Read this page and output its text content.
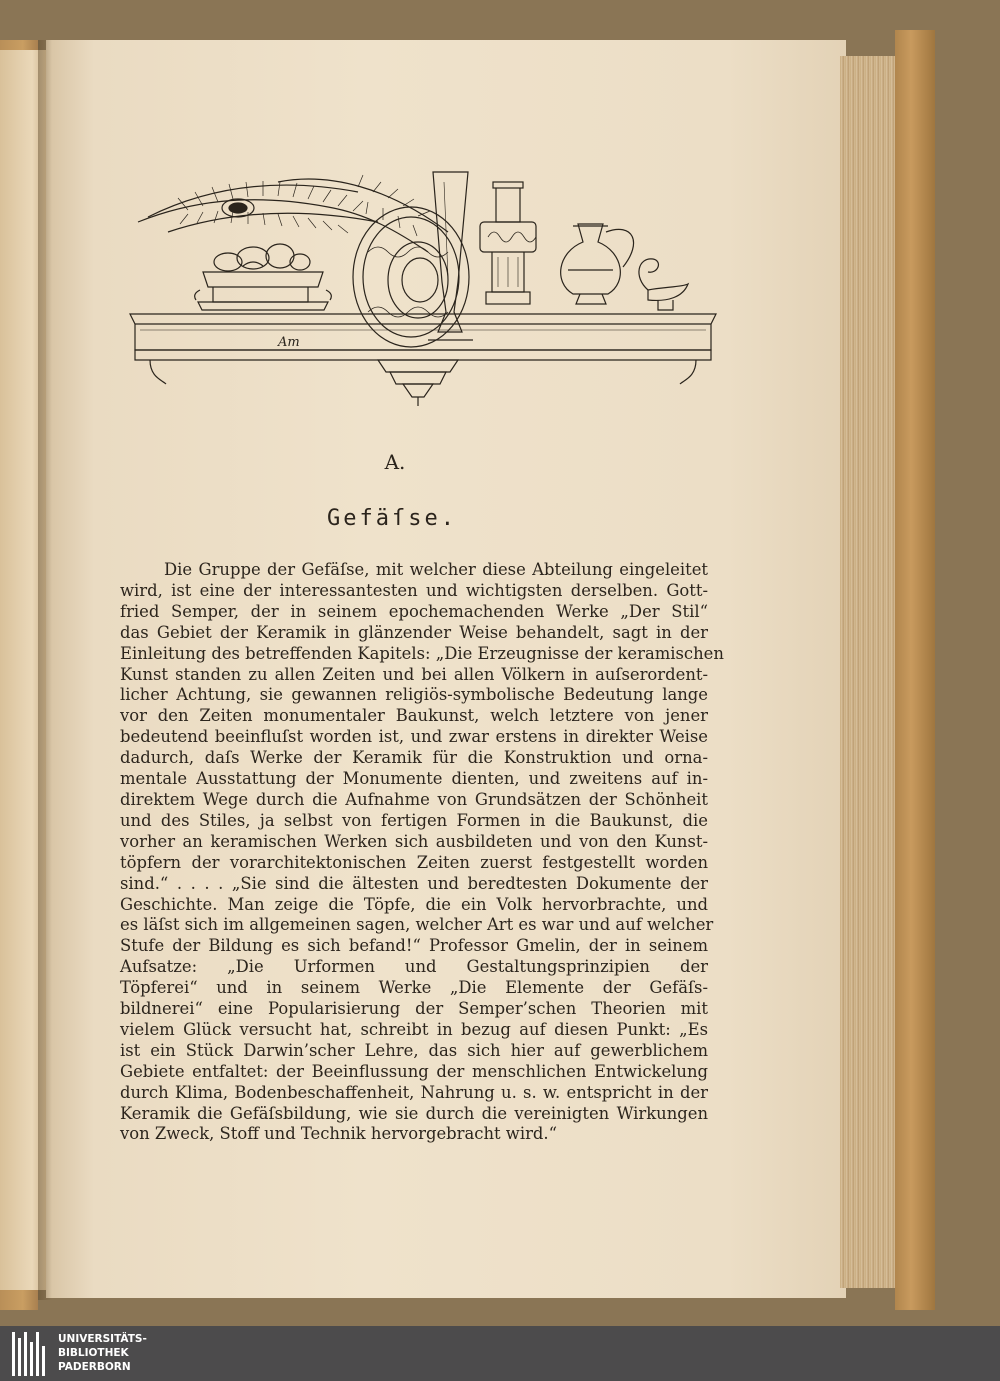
Am
A.
Gefäſse.

Die Gruppe der Gefäſse, mit welcher diese Abteilung eingeleitet
wird, ist eine der interessantesten und wichtigsten derselben. Gott-
fried Semper, der in seinem epochemachenden Werke „Der Stil“
das Gebiet der Keramik in glänzender Weise behandelt, sagt in der
Einleitung des betreffenden Kapitels: „Die Erzeugnisse der keramischen
Kunst standen zu allen Zeiten und bei allen Völkern in auſserordent-
licher Achtung, sie gewannen religiös-symbolische Bedeutung lange
vor den Zeiten monumentaler Baukunst, welch letztere von jener
bedeutend beeinfluſst worden ist, und zwar erstens in direkter Weise
dadurch, daſs Werke der Keramik für die Konstruktion und orna-
mentale Ausstattung der Monumente dienten, und zweitens auf in-
direktem Wege durch die Aufnahme von Grundsätzen der Schönheit
und des Stiles, ja selbst von fertigen Formen in die Baukunst, die
vorher an keramischen Werken sich ausbildeten und von den Kunst-
töpfern der vorarchitektonischen Zeiten zuerst festgestellt worden
sind.“ . . . . „Sie sind die ältesten und beredtesten Dokumente der
Geschichte. Man zeige die Töpfe, die ein Volk hervorbrachte, und
es läſst sich im allgemeinen sagen, welcher Art es war und auf welcher
Stufe der Bildung es sich befand!“ Professor Gmelin, der in seinem
Aufsatze: „Die Urformen und Gestaltungsprinzipien der
Töpferei“ und in seinem Werke „Die Elemente der Gefäſs-
bildnerei“ eine Popularisierung der Semper’schen Theorien mit
vielem Glück versucht hat, schreibt in bezug auf diesen Punkt: „Es
ist ein Stück Darwin’scher Lehre, das sich hier auf gewerblichem
Gebiete entfaltet: der Beeinflussung der menschlichen Entwickelung
durch Klima, Bodenbeschaffenheit, Nahrung u. s. w. entspricht in der
Keramik die Gefäſsbildung, wie sie durch die vereinigten Wirkungen
von Zweck, Stoff und Technik hervorgebracht wird.“

UNIVERSITÄTS-
BIBLIOTHEK
PADERBORN
